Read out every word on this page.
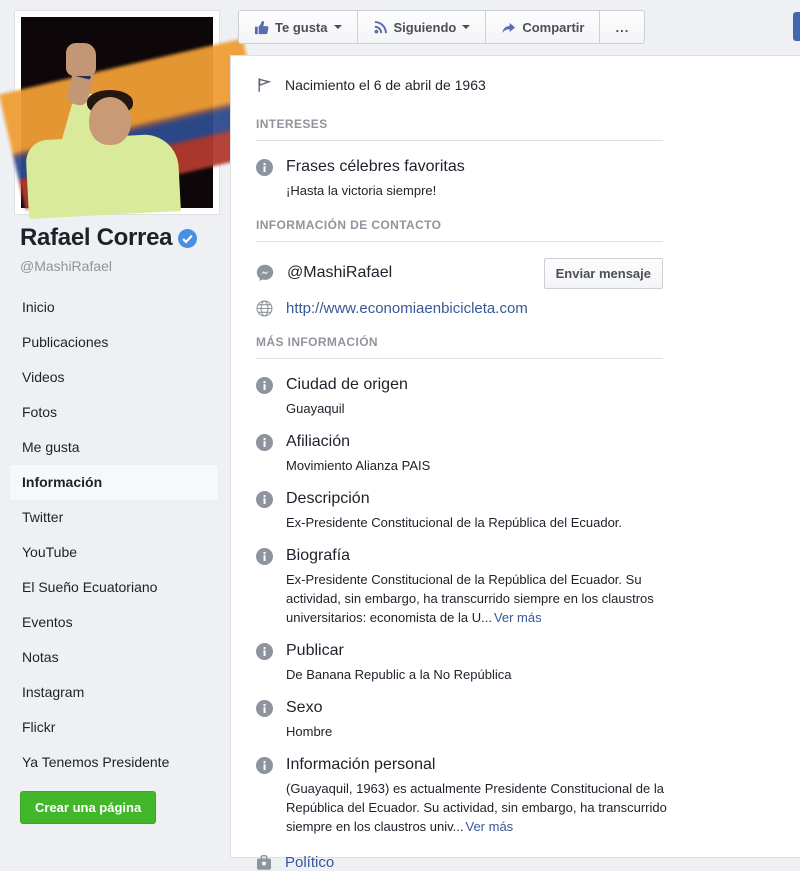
Rafael Correa
@MashiRafael
Inicio
Publicaciones
Videos
Fotos
Me gusta
Información
Twitter
YouTube
El Sueño Ecuatoriano
Eventos
Notas
Instagram
Flickr
Ya Tenemos Presidente
Crear una página
Te gusta	Siguiendo	Compartir ...
Nacimiento el 6 de abril de 1963
INTERESES
Frases célebres favoritas
¡Hasta la victoria siempre!
INFORMACIÓN DE CONTACTO
@MashiRafael	Enviar mensaje
http://www.economiaenbicicleta.com
MÁS INFORMACIÓN
Ciudad de origen
Guayaquil
Afiliación
Movimiento Alianza PAIS
Descripción
Ex-Presidente Constitucional de la República del Ecuador.
Biografía
Ex-Presidente Constitucional de la República del Ecuador. Su actividad, sin embargo, ha transcurrido siempre en los claustros universitarios: economista de la U... Ver más
Publicar
De Banana Republic a la No República
Sexo
Hombre
Información personal
(Guayaquil, 1963) es actualmente Presidente Constitucional de la República del Ecuador. Su actividad, sin embargo, ha transcurrido siempre en los claustros univ... Ver más
Político
